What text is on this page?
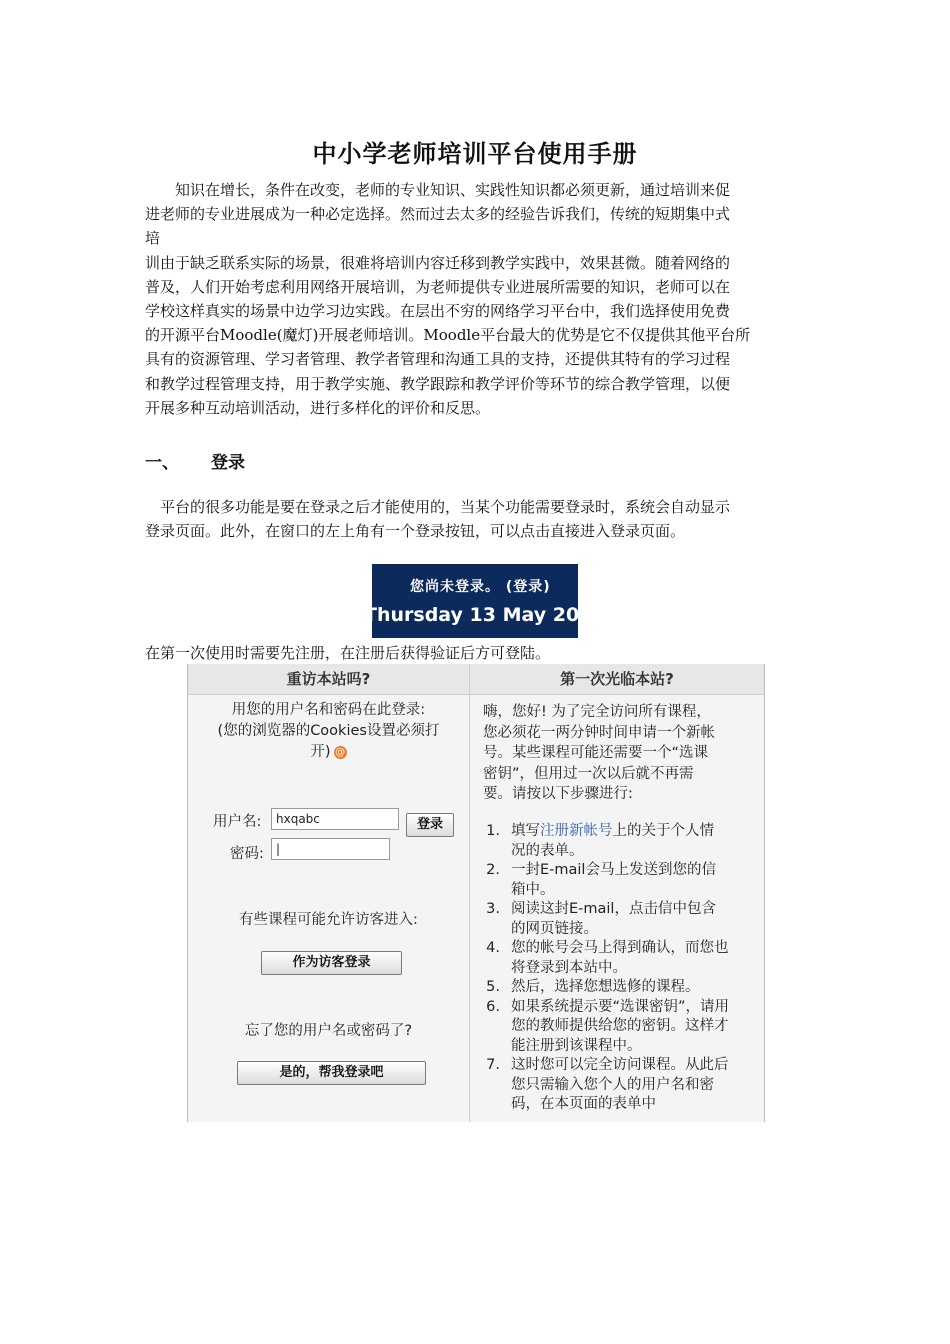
中小学老师培训平台使用手册
　　知识在增长，条件在改变，老师的专业知识、实践性知识都必须更新，通过培训来促
进老师的专业进展成为一种必定选择。然而过去太多的经验告诉我们，传统的短期集中式
培
训由于缺乏联系实际的场景，很难将培训内容迁移到教学实践中，效果甚微。随着网络的
普及，人们开始考虑利用网络开展培训，为老师提供专业进展所需要的知识，老师可以在
学校这样真实的场景中边学习边实践。在层出不穷的网络学习平台中，我们选择使用免费
的开源平台Moodle(魔灯)开展老师培训。Moodle平台最大的优势是它不仅提供其他平台所
具有的资源管理、学习者管理、教学者管理和沟通工具的支持，还提供其特有的学习过程
和教学过程管理支持，用于教学实施、教学跟踪和教学评价等环节的综合教学管理，以便
开展多种互动培训活动，进行多样化的评价和反思。
一、 登录
　平台的很多功能是要在登录之后才能使用的，当某个功能需要登录时，系统会自动显示
登录页面。此外，在窗口的左上角有一个登录按钮，可以点击直接进入登录页面。
您尚未登录。 (登录)
Thursday 13 May 2010
在第一次使用时需要先注册，在注册后获得验证后方可登陆。
重访本站吗?
用您的用户名和密码在此登录:
(您的浏览器的Cookies设置必须打
开) @
用户名:	hxqabc	登录
密码:	|
有些课程可能允许访客进入:
作为访客登录
忘了您的用户名或密码了?
是的，帮我登录吧
第一次光临本站?
嗨，您好! 为了完全访问所有课程，
您必须花一两分钟时间申请一个新帐
号。某些课程可能还需要一个“选课
密钥”，但用过一次以后就不再需
要。请按以下步骤进行:
1. 填写注册新帐号上的关于个人情况的表单。
2. 一封E-mail会马上发送到您的信箱中。
3. 阅读这封E-mail，点击信中包含的网页链接。
4. 您的帐号会马上得到确认，而您也将登录到本站中。
5. 然后，选择您想选修的课程。
6. 如果系统提示要“选课密钥”，请用您的教师提供给您的密钥。这样才能注册到该课程中。
7. 这时您可以完全访问课程。从此后您只需输入您个人的用户名和密码，在本页面的表单中
